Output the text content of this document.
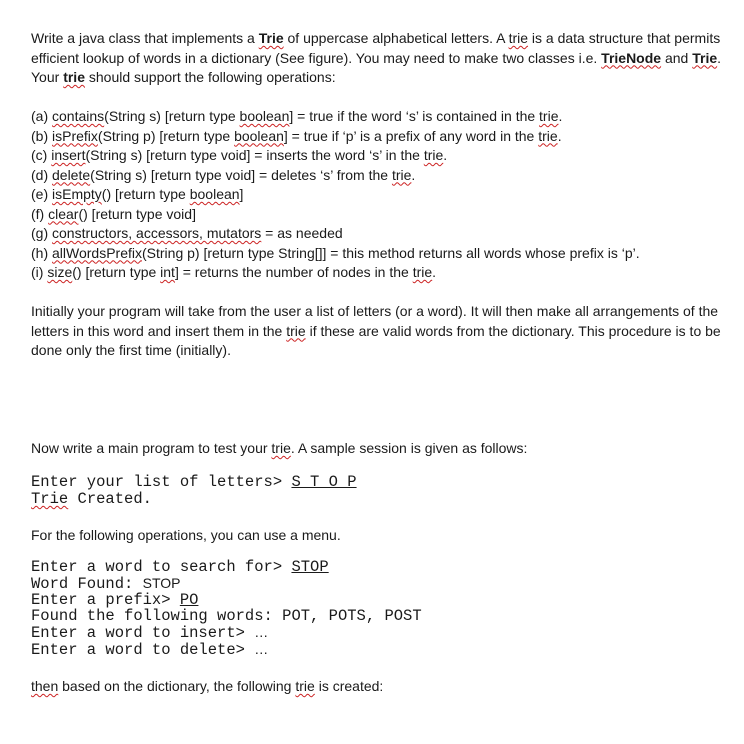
Write a java class that implements a Trie of uppercase alphabetical letters. A trie is a data structure that permits efficient lookup of words in a dictionary (See figure). You may need to make two classes i.e. TrieNode and Trie. Your trie should support the following operations:
(a) contains(String s) [return type boolean] = true if the word ‘s’ is contained in the trie.
(b) isPrefix(String p) [return type boolean] = true if ‘p’ is a prefix of any word in the trie.
(c) insert(String s) [return type void] = inserts the word ‘s’ in the trie.
(d) delete(String s) [return type void] = deletes ‘s’ from the trie.
(e) isEmpty() [return type boolean]
(f) clear() [return type void]
(g) constructors, accessors, mutators = as needed
(h) allWordsPrefix(String p) [return type String[]] = this method returns all words whose prefix is ‘p’.
(i) size() [return type int] = returns the number of nodes in the trie.
Initially your program will take from the user a list of letters (or a word). It will then make all arrangements of the letters in this word and insert them in the trie if these are valid words from the dictionary. This procedure is to be done only the first time (initially).
Now write a main program to test your trie. A sample session is given as follows:
Enter your list of letters> S T O P
Trie Created.
For the following operations, you can use a menu.
Enter a word to search for> STOP
Word Found: STOP
Enter a prefix> PO
Found the following words: POT, POTS, POST
Enter a word to insert> …
Enter a word to delete> …
then based on the dictionary, the following trie is created:
